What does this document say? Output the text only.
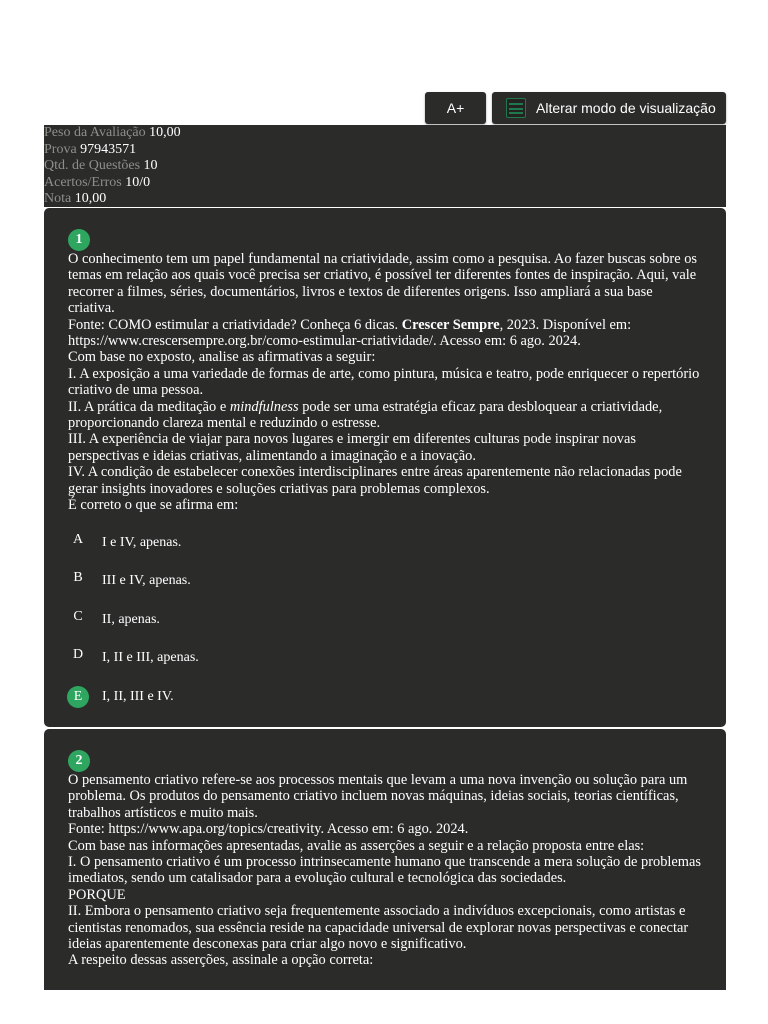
A+	Alterar modo de visualização
Peso da Avaliação 10,00
Prova 97943571
Qtd. de Questões 10
Acertos/Erros 10/0
Nota 10,00
1

O conhecimento tem um papel fundamental na criatividade, assim como a pesquisa. Ao fazer buscas sobre os temas em relação aos quais você precisa ser criativo, é possível ter diferentes fontes de inspiração. Aqui, vale recorrer a filmes, séries, documentários, livros e textos de diferentes origens. Isso ampliará a sua base criativa.

Fonte: COMO estimular a criatividade? Conheça 6 dicas. Crescer Sempre, 2023. Disponível em: https://www.crescersempre.org.br/como-estimular-criatividade/. Acesso em: 6 ago. 2024.

Com base no exposto, analise as afirmativas a seguir:

I. A exposição a uma variedade de formas de arte, como pintura, música e teatro, pode enriquecer o repertório criativo de uma pessoa.

II. A prática da meditação e mindfulness pode ser uma estratégia eficaz para desbloquear a criatividade, proporcionando clareza mental e reduzindo o estresse.

III. A experiência de viajar para novos lugares e imergir em diferentes culturas pode inspirar novas perspectivas e ideias criativas, alimentando a imaginação e a inovação.

IV. A condição de estabelecer conexões interdisciplinares entre áreas aparentemente não relacionadas pode gerar insights inovadores e soluções criativas para problemas complexos.

É correto o que se afirma em:

A	I e IV, apenas.
B	III e IV, apenas.
C	II, apenas.
D	I, II e III, apenas.
E	I, II, III e IV.
2

O pensamento criativo refere-se aos processos mentais que levam a uma nova invenção ou solução para um problema. Os produtos do pensamento criativo incluem novas máquinas, ideias sociais, teorias científicas, trabalhos artísticos e muito mais.

Fonte: https://www.apa.org/topics/creativity. Acesso em: 6 ago. 2024.

Com base nas informações apresentadas, avalie as asserções a seguir e a relação proposta entre elas:

I. O pensamento criativo é um processo intrinsecamente humano que transcende a mera solução de problemas imediatos, sendo um catalisador para a evolução cultural e tecnológica das sociedades.

PORQUE

II. Embora o pensamento criativo seja frequentemente associado a indivíduos excepcionais, como artistas e cientistas renomados, sua essência reside na capacidade universal de explorar novas perspectivas e conectar ideias aparentemente desconexas para criar algo novo e significativo.

A respeito dessas asserções, assinale a opção correta:
